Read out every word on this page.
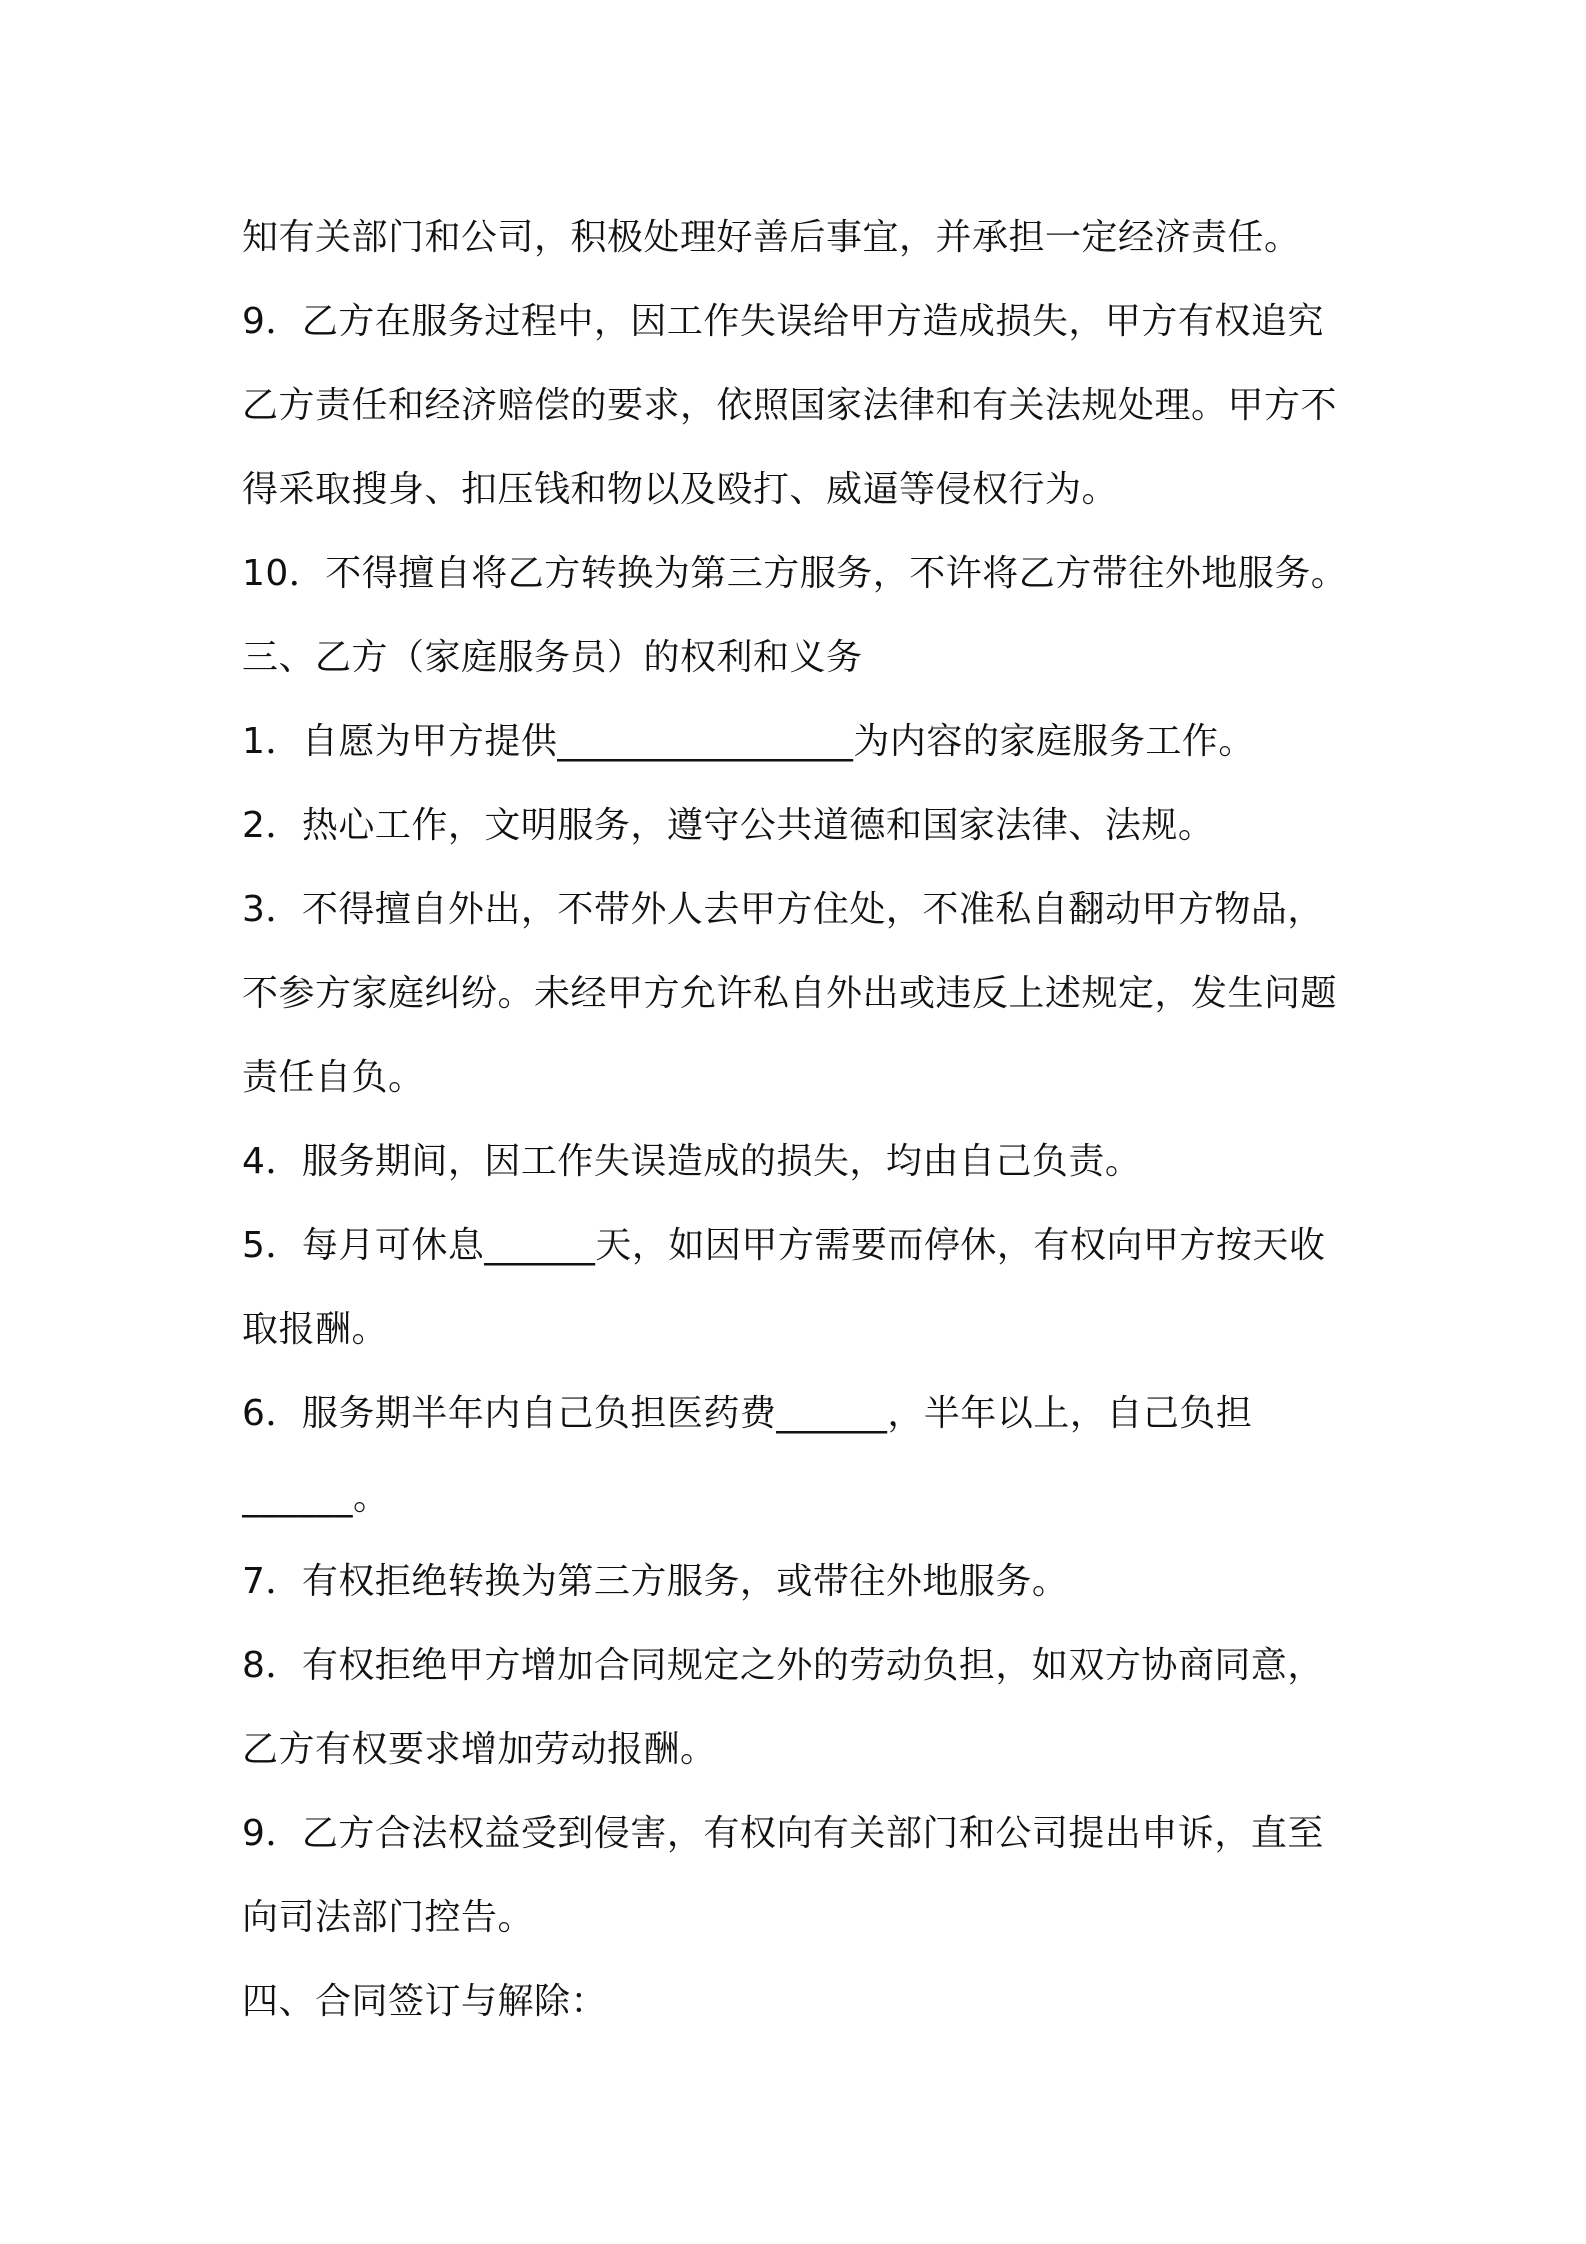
知有关部门和公司，积极处理好善后事宜，并承担一定经济责任。
9．乙方在服务过程中，因工作失误给甲方造成损失，甲方有权追究
乙方责任和经济赔偿的要求，依照国家法律和有关法规处理。甲方不
得采取搜身、扣压钱和物以及殴打、威逼等侵权行为。
10．不得擅自将乙方转换为第三方服务，不许将乙方带往外地服务。
三、乙方（家庭服务员）的权利和义务
1．自愿为甲方提供________________为内容的家庭服务工作。
2．热心工作，文明服务，遵守公共道德和国家法律、法规。
3．不得擅自外出，不带外人去甲方住处，不准私自翻动甲方物品，
不参方家庭纠纷。未经甲方允许私自外出或违反上述规定，发生问题
责任自负。
4．服务期间，因工作失误造成的损失，均由自己负责。
5．每月可休息______天，如因甲方需要而停休，有权向甲方按天收
取报酬。
6．服务期半年内自己负担医药费______，半年以上，自己负担
______。
7．有权拒绝转换为第三方服务，或带往外地服务。
8．有权拒绝甲方增加合同规定之外的劳动负担，如双方协商同意，
乙方有权要求增加劳动报酬。
9．乙方合法权益受到侵害，有权向有关部门和公司提出申诉，直至
向司法部门控告。
四、合同签订与解除：
